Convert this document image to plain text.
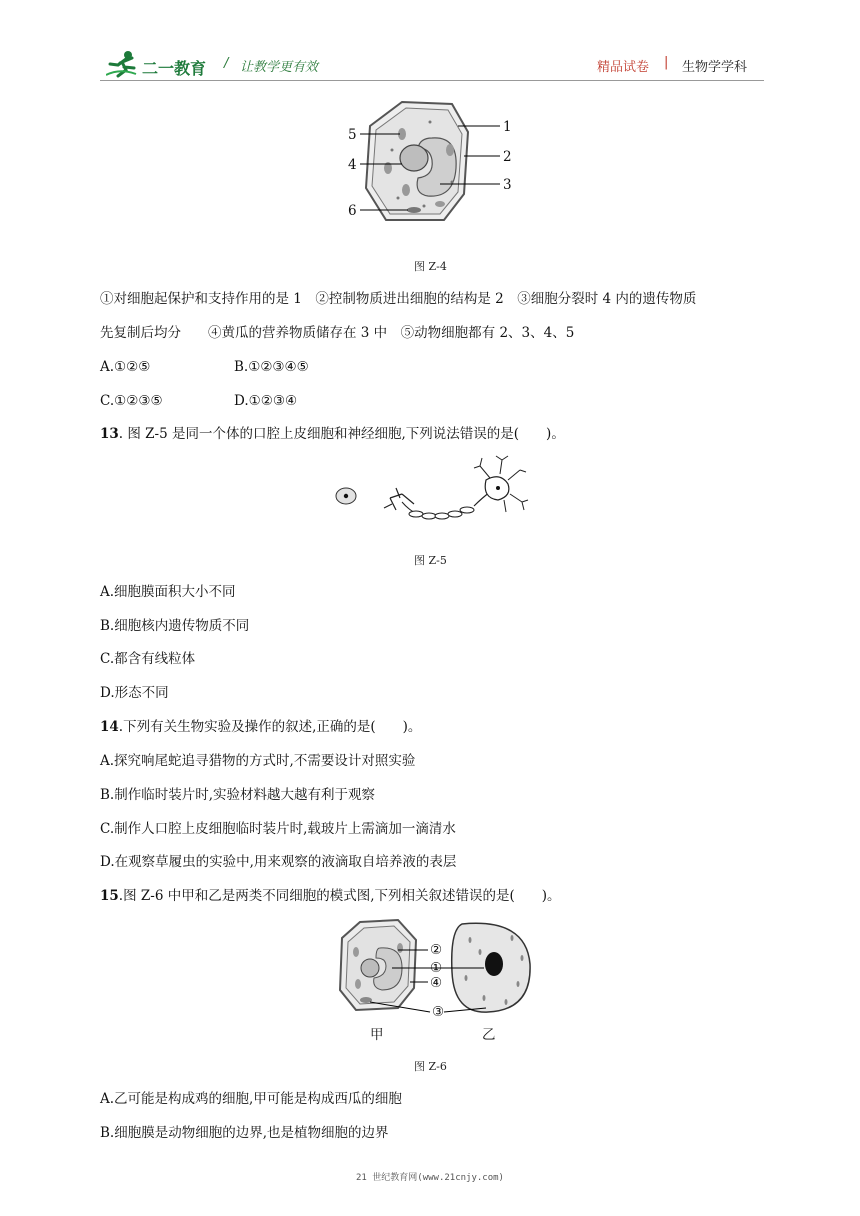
二一教育 / 让教学更有效	精品试卷 | 生物学学科
5
4
6
1
2
3
图 Z-4
①对细胞起保护和支持作用的是 1　②控制物质进出细胞的结构是 2　③细胞分裂时 4 内的遗传物质
先复制后均分　　④黄瓜的营养物质储存在 3 中　⑤动物细胞都有 2、3、4、5
A.①②⑤	B.①②③④⑤
C.①②③⑤	D.①②③④
13. 图 Z-5 是同一个体的口腔上皮细胞和神经细胞,下列说法错误的是(　　)。
图 Z-5
A.细胞膜面积大小不同
B.细胞核内遗传物质不同
C.都含有线粒体
D.形态不同
14.下列有关生物实验及操作的叙述,正确的是(　　)。
A.探究响尾蛇追寻猎物的方式时,不需要设计对照实验
B.制作临时装片时,实验材料越大越有利于观察
C.制作人口腔上皮细胞临时装片时,载玻片上需滴加一滴清水
D.在观察草履虫的实验中,用来观察的液滴取自培养液的表层
15.图 Z-6 中甲和乙是两类不同细胞的模式图,下列相关叙述错误的是(　　)。
②
①
④
③
甲	乙
图 Z-6
A.乙可能是构成鸡的细胞,甲可能是构成西瓜的细胞
B.细胞膜是动物细胞的边界,也是植物细胞的边界
21 世纪教育网(www.21cnjy.com)
